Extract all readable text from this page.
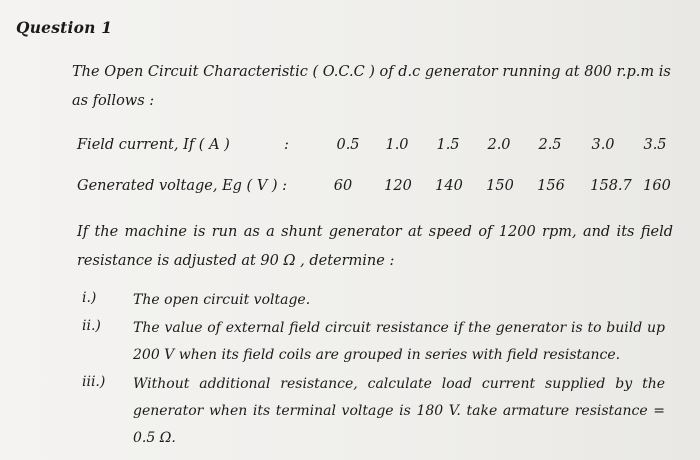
Question 1
The Open Circuit Characteristic ( O.C.C ) of d.c generator running at 800 r.p.m is as follows :
Field current, If ( A )	:	0.5 1.0 1.5 2.0 2.5 3.0 3.5
Generated voltage, Eg ( V ) :	60 120 140 150 156 158.7 160
If the machine is run as a shunt generator at speed of 1200 rpm, and its field resistance is adjusted at 90 Ω , determine :
i.)	The open circuit voltage.
ii.) The value of external field circuit resistance if the generator is to build up 200 V when its field coils are grouped in series with field resistance.
iii.) Without additional resistance, calculate load current supplied by the generator when its terminal voltage is 180 V. take armature resistance = 0.5 Ω.
